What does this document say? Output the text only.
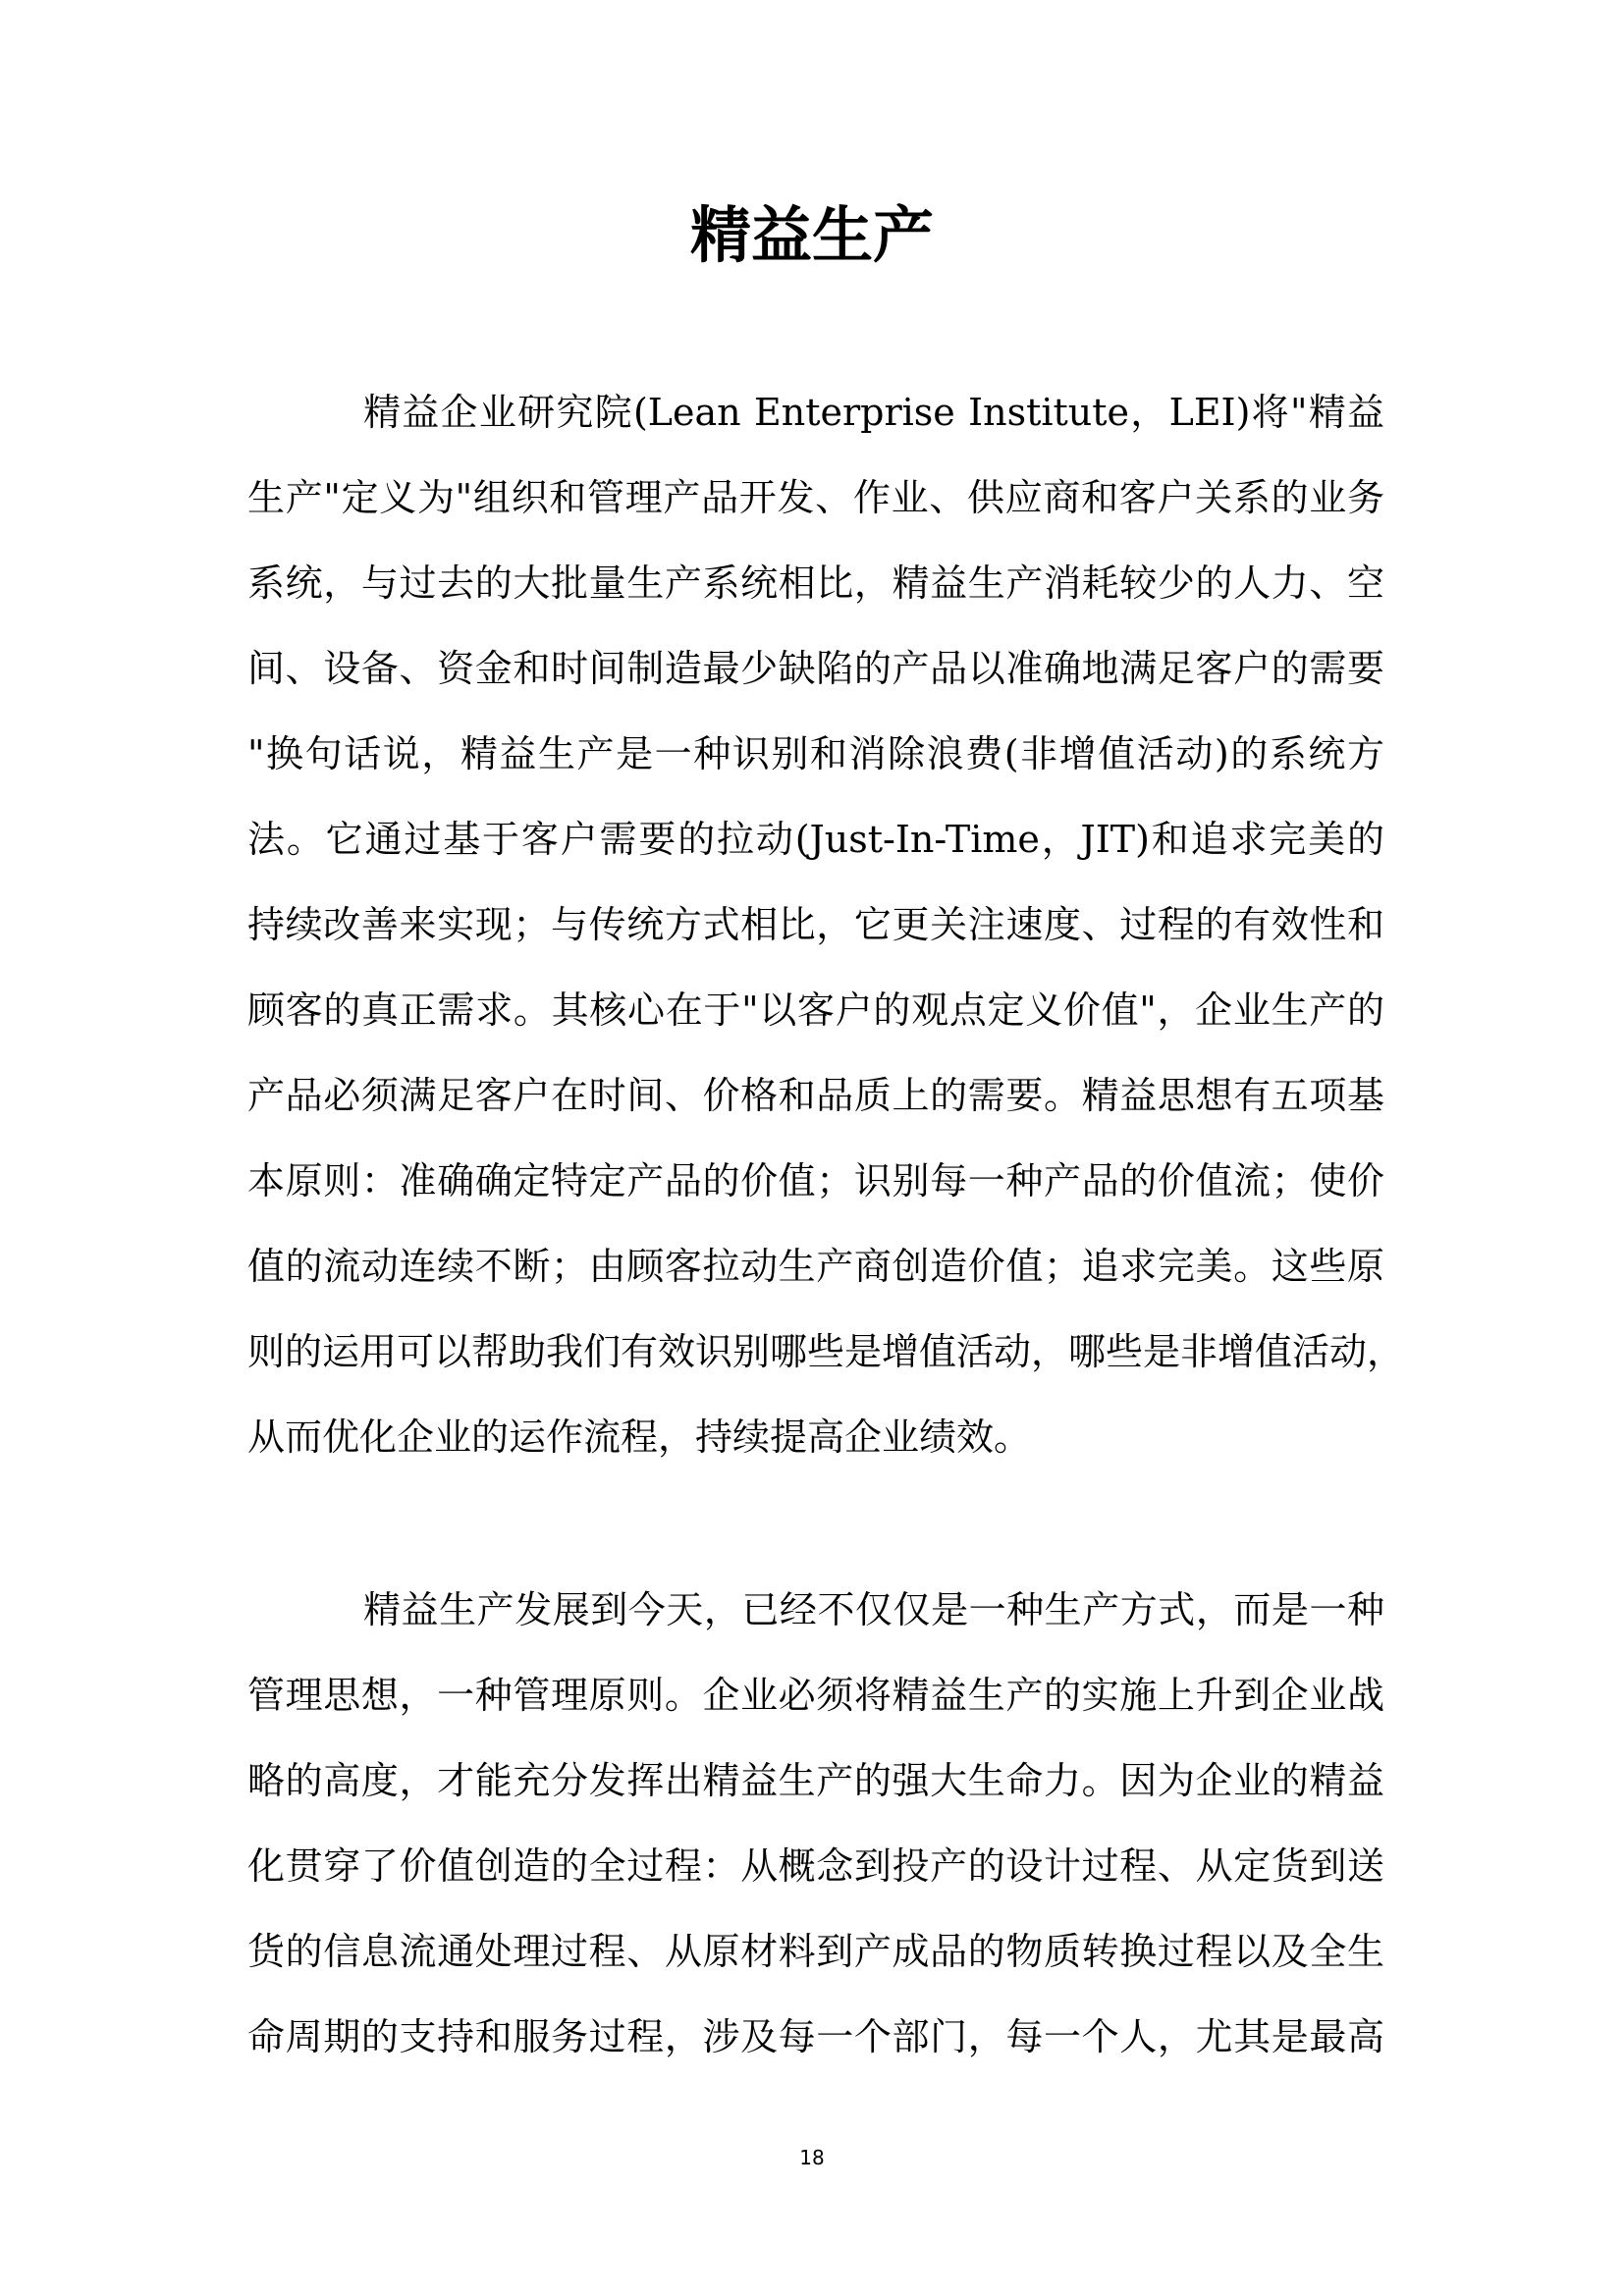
精益生产
精益企业研究院(Lean Enterprise Institute，LEI)将"精益
生产"定义为"组织和管理产品开发、作业、供应商和客户关系的业务
系统，与过去的大批量生产系统相比，精益生产消耗较少的人力、空
间、设备、资金和时间制造最少缺陷的产品以准确地满足客户的需要
"换句话说，精益生产是一种识别和消除浪费(非增值活动)的系统方
法。它通过基于客户需要的拉动(Just-In-Time，JIT)和追求完美的
持续改善来实现；与传统方式相比，它更关注速度、过程的有效性和
顾客的真正需求。其核心在于"以客户的观点定义价值"，企业生产的
产品必须满足客户在时间、价格和品质上的需要。精益思想有五项基
本原则：准确确定特定产品的价值；识别每一种产品的价值流；使价
值的流动连续不断；由顾客拉动生产商创造价值；追求完美。这些原
则的运用可以帮助我们有效识别哪些是增值活动，哪些是非增值活动，
从而优化企业的运作流程，持续提高企业绩效。
精益生产发展到今天，已经不仅仅是一种生产方式，而是一种
管理思想，一种管理原则。企业必须将精益生产的实施上升到企业战
略的高度，才能充分发挥出精益生产的强大生命力。因为企业的精益
化贯穿了价值创造的全过程：从概念到投产的设计过程、从定货到送
货的信息流通处理过程、从原材料到产成品的物质转换过程以及全生
命周期的支持和服务过程，涉及每一个部门，每一个人，尤其是最高
18
